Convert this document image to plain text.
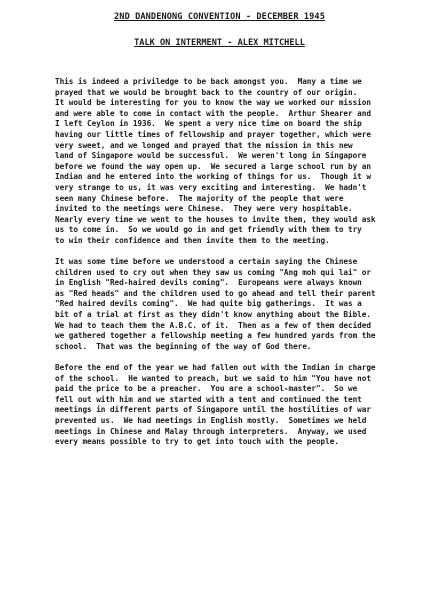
2ND DANDENONG CONVENTION - DECEMBER 1945
TALK ON INTERMENT - ALEX MITCHELL
This is indeed a priviledge to be back amongst you.  Many a time we
prayed that we would be brought back to the country of our origin.
It would be interesting for you to know the way we worked our mission
and were able to come in contact with the people.  Arthur Shearer and
I left Ceylon in 1936.  We spent a very nice time on board the ship
having our little times of fellowship and prayer together, which were
very sweet, and we longed and prayed that the mission in this new
land of Singapore would be successful.  We weren't long in Singapore
before we found the way open up.  We secured a large school run by an
Indian and he entered into the working of things for us.  Though it w
very strange to us, it was very exciting and interesting.  We hadn't
seen many Chinese before.  The majority of the people that were
invited to the meetings were Chinese.  They were very hospitable.
Nearly every time we went to the houses to invite them, they would ask
us to come in.  So we would go in and get friendly with them to try
to win their confidence and then invite them to the meeting.
It was some time before we understood a certain saying the Chinese
children used to cry out when they saw us coming "Ang moh qui lai" or
in English "Red-haired devils coming".  Europeans were always known
as "Red heads" and the children used to go ahead and tell their parent
"Red haired devils coming".  We had quite big gatherings.  It was a
bit of a trial at first as they didn't know anything about the Bible.
We had to teach them the A.B.C. of it.  Then as a few of them decided
we gathered together a fellowship meeting a few hundred yards from the
school.  That was the beginning of the way of God there.
Before the end of the year we had fallen out with the Indian in charge
of the school.  He wanted to preach, but we said to him "You have not
paid the price to be a preacher.  You are a school-master".  So we
fell out with him and we started with a tent and continued the tent
meetings in different parts of Singapore until the hostilities of war
prevented us.  We had meetings in English mostly.  Sometimes we held
meetings in Chinese and Malay through interpreters.  Anyway, we used
every means possible to try to get into touch with the people.
